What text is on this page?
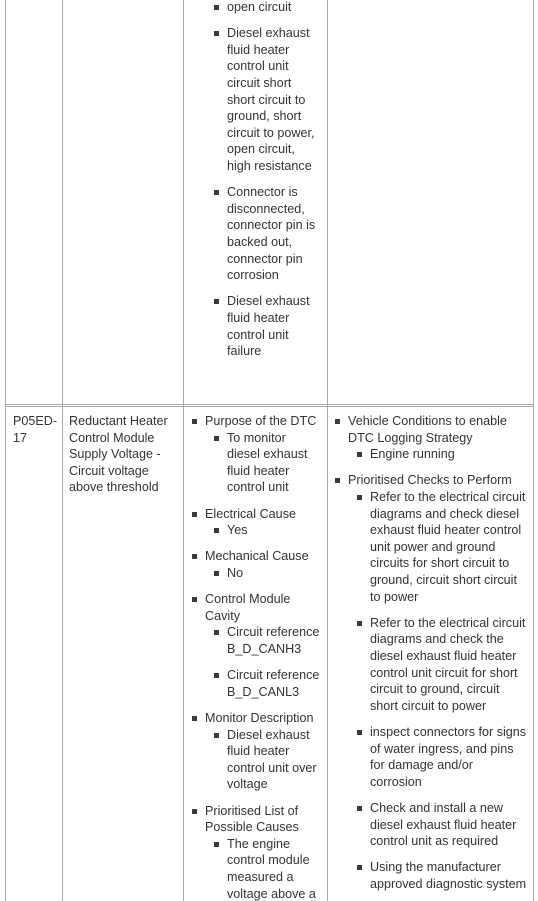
P05ED-
17
Reductant Heater
Control Module
Supply Voltage -
Circuit voltage
above threshold
open circuit
Diesel exhaust
fluid heater
control unit
circuit short
short circuit to
ground, short
circuit to power,
open circuit,
high resistance
Connector is
disconnected,
connector pin is
backed out,
connector pin
corrosion
Diesel exhaust
fluid heater
control unit
failure
Purpose of the DTC
To monitor
diesel exhaust
fluid heater
control unit
Electrical Cause
Yes
Mechanical Cause
No
Control Module
Cavity
Circuit reference
B_D_CANH3
Circuit reference
B_D_CANL3
Monitor Description
Diesel exhaust
fluid heater
control unit over
voltage
Prioritised List of
Possible Causes
The engine
control module
measured a
voltage above a
Vehicle Conditions to enable
DTC Logging Strategy
Engine running
Prioritised Checks to Perform
Refer to the electrical circuit
diagrams and check diesel
exhaust fluid heater control
unit power and ground
circuits for short circuit to
ground, circuit short circuit
to power
Refer to the electrical circuit
diagrams and check the
diesel exhaust fluid heater
control unit circuit for short
circuit to ground, circuit
short circuit to power
inspect connectors for signs
of water ingress, and pins
for damage and/or
corrosion
Check and install a new
diesel exhaust fluid heater
control unit as required
Using the manufacturer
approved diagnostic system
